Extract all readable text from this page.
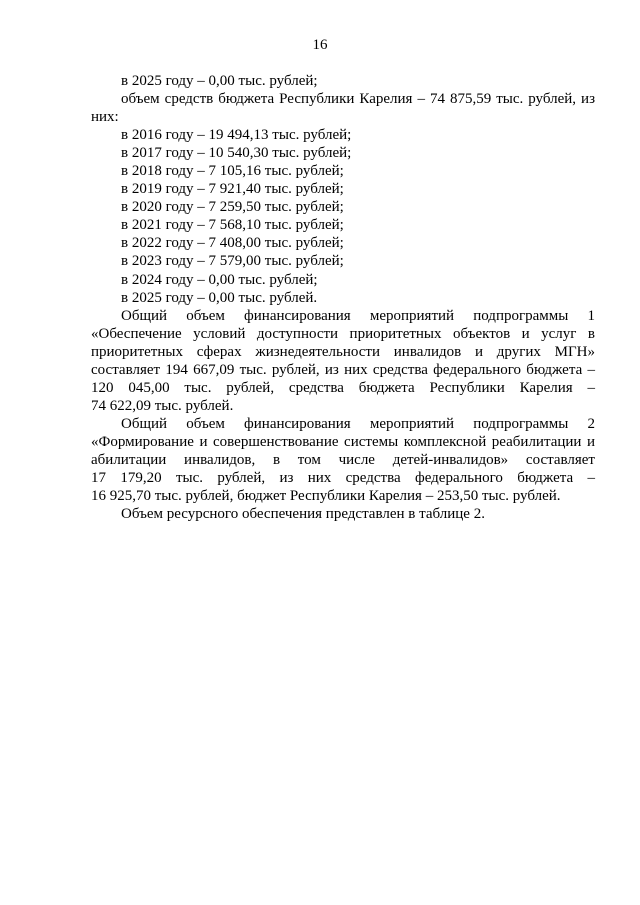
16

в 2025 году – 0,00 тыс. рублей;

объем средств бюджета Республики Карелия – 74 875,59 тыс. рублей, из

них:

в 2016 году – 19 494,13 тыс. рублей;

в 2017 году – 10 540,30 тыс. рублей;

в 2018 году – 7 105,16 тыс. рублей;

в 2019 году – 7 921,40 тыс. рублей;

в 2020 году – 7 259,50 тыс. рублей;

в 2021 году – 7 568,10 тыс. рублей;

в 2022 году – 7 408,00 тыс. рублей;

в 2023 году – 7 579,00 тыс. рублей;

в 2024 году – 0,00 тыс. рублей;

в 2025 году – 0,00 тыс. рублей.

Общий объем финансирования мероприятий подпрограммы 1

«Обеспечение условий доступности приоритетных объектов и услуг в

приоритетных сферах жизнедеятельности инвалидов и других МГН»

составляет 194 667,09 тыс. рублей, из них средства федерального бюджета –

120 045,00 тыс. рублей, средства бюджета Республики Карелия –

74 622,09 тыс. рублей.

Общий объем финансирования мероприятий подпрограммы 2

«Формирование и совершенствование системы комплексной реабилитации и

абилитации инвалидов, в том числе детей-инвалидов» составляет

17 179,20 тыс. рублей, из них средства федерального бюджета –

16 925,70 тыс. рублей, бюджет Республики Карелия – 253,50 тыс. рублей.

Объем ресурсного обеспечения представлен в таблице 2.
